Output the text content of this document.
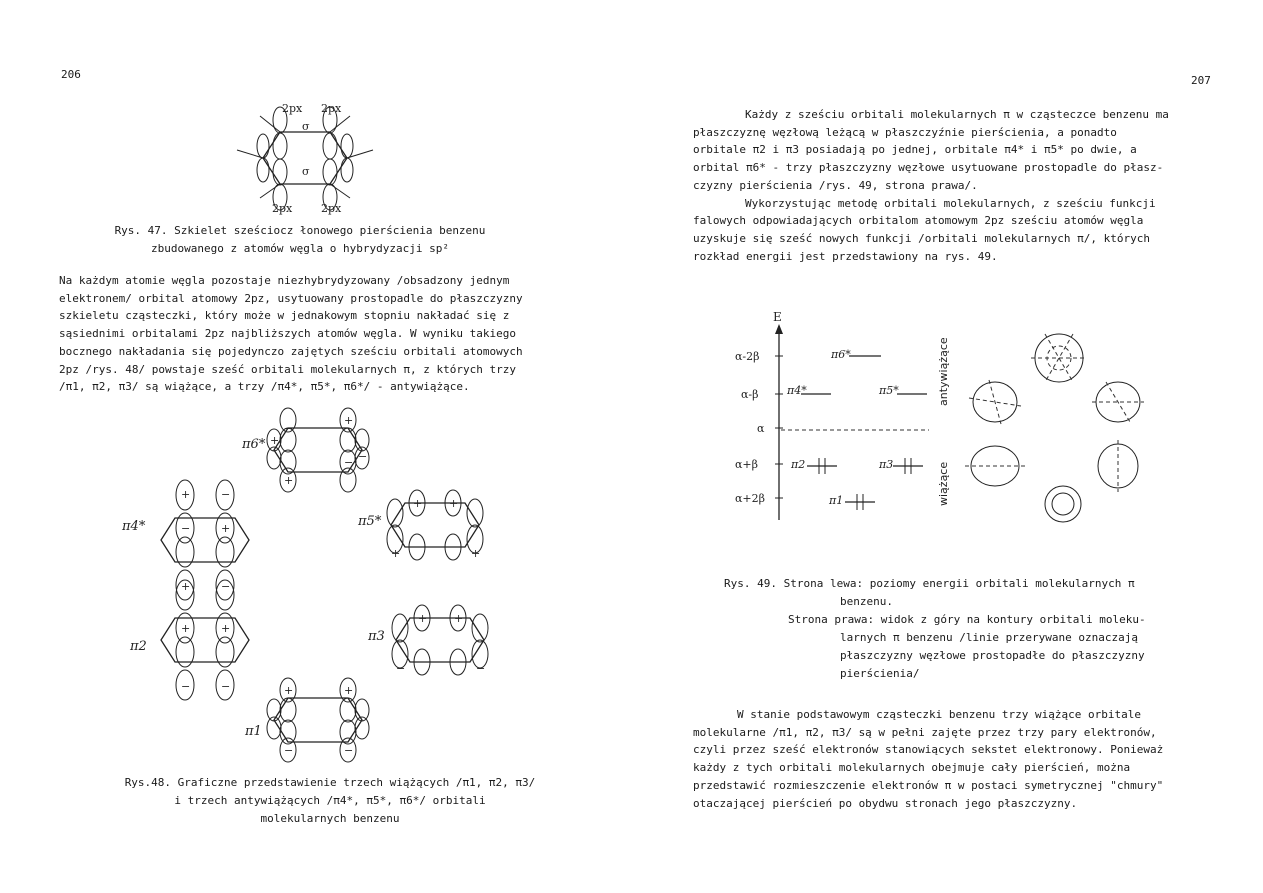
206
2px 2px
2px	2px
σ
σ
Rys. 47. Szkielet sześciocz łonowego pierścienia benzenu
zbudowanego z atomów węgla o hybrydyzacji sp²
Na każdym atomie węgla pozostaje niezhybrydyzowany /obsadzony jednym
elektronem/ orbital atomowy 2pz, usytuowany prostopadle do płaszczyzny
szkieletu cząsteczki, który może w jednakowym stopniu nakładać się z
sąsiednimi orbitalami 2pz najbliższych atomów węgla. W wyniku takiego
bocznego nakładania się pojedynczo zajętych sześciu orbitali atomowych
2pz /rys. 48/ powstaje sześć orbitali molekularnych π, z których trzy
/π1, π2, π3/ są wiążące, a trzy /π4*, π5*, π6*/ - antywiążące.
−
+
+
−
+
−
π6*
+	−
−	+
+	−
π4*
+ +
+	+
π5*
+	+
−	−
π2
+ +
−	−
π3
+	+
−	−
π1
Rys.48. Graficzne przedstawienie trzech wiążących /π1, π2, π3/
i trzech antywiążących /π4*, π5*, π6*/ orbitali
molekularnych benzenu
207
Każdy z sześciu orbitali molekularnych π w cząsteczce benzenu ma
płaszczyznę węzłową leżącą w płaszczyźnie pierścienia, a ponadto
orbitale π2 i π3 posiadają po jednej, orbitale π4* i π5* po dwie, a
orbital π6* - trzy płaszczyzny węzłowe usytuowane prostopadle do płasz-
czyzny pierścienia /rys. 49, strona prawa/.
Wykorzystując metodę orbitali molekularnych, z sześciu funkcji
falowych odpowiadających orbitalom atomowym 2pz sześciu atomów węgla
uzyskuje się sześć nowych funkcji /orbitali molekularnych π/, których
rozkład energii jest przedstawiony na rys. 49.
E
α-2β
α-β
α
α+β
α+2β
π6*
π4*	π5*
π2	π3
π1
antywiążące
wiążące
Rys. 49. Strona lewa: poziomy energii orbitali molekularnych π
benzenu.
Strona prawa: widok z góry na kontury orbitali moleku-
larnych π benzenu /linie przerywane oznaczają
płaszczyzny węzłowe prostopadłe do płaszczyzny
pierścienia/
W stanie podstawowym cząsteczki benzenu trzy wiążące orbitale
molekularne /π1, π2, π3/ są w pełni zajęte przez trzy pary elektronów,
czyli przez sześć elektronów stanowiących sekstet elektronowy. Ponieważ
każdy z tych orbitali molekularnych obejmuje cały pierścień, można
przedstawić rozmieszczenie elektronów π w postaci symetrycznej "chmury"
otaczającej pierścień po obydwu stronach jego płaszczyzny.
